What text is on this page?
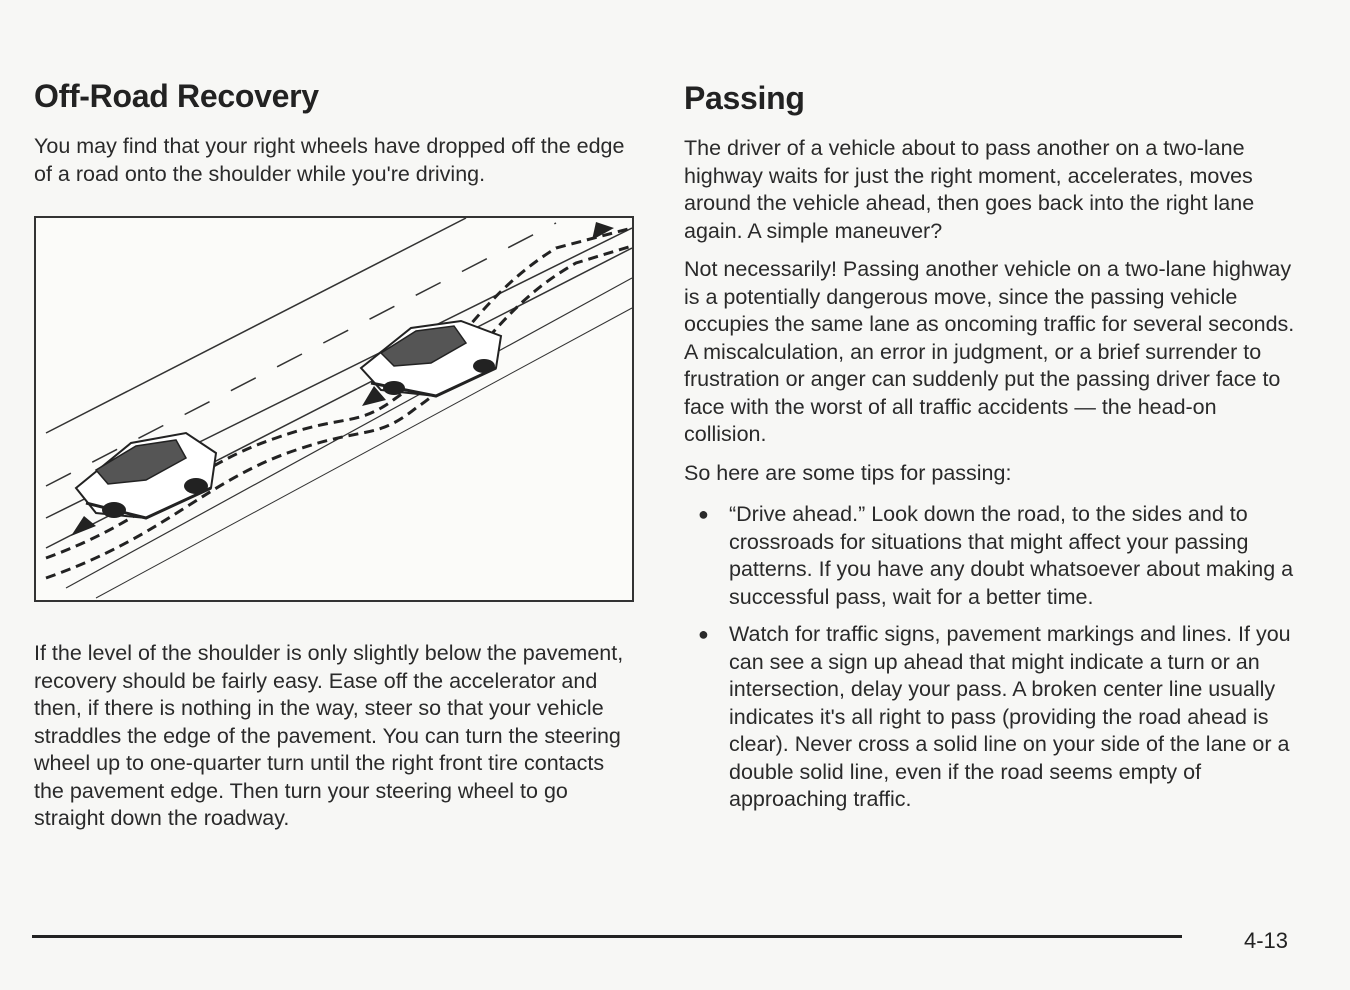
Off-Road Recovery

You may find that your right wheels have dropped off the edge of a road onto the shoulder while you're driving.

If the level of the shoulder is only slightly below the pavement, recovery should be fairly easy. Ease off the accelerator and then, if there is nothing in the way, steer so that your vehicle straddles the edge of the pavement. You can turn the steering wheel up to one-quarter turn until the right front tire contacts the pavement edge. Then turn your steering wheel to go straight down the roadway.

Passing

The driver of a vehicle about to pass another on a two-lane highway waits for just the right moment, accelerates, moves around the vehicle ahead, then goes back into the right lane again. A simple maneuver?

Not necessarily! Passing another vehicle on a two-lane highway is a potentially dangerous move, since the passing vehicle occupies the same lane as oncoming traffic for several seconds. A miscalculation, an error in judgment, or a brief surrender to frustration or anger can suddenly put the passing driver face to face with the worst of all traffic accidents — the head-on collision.

So here are some tips for passing:

● “Drive ahead.” Look down the road, to the sides and to crossroads for situations that might affect your passing patterns. If you have any doubt whatsoever about making a successful pass, wait for a better time.
● Watch for traffic signs, pavement markings and lines. If you can see a sign up ahead that might indicate a turn or an intersection, delay your pass. A broken center line usually indicates it's all right to pass (providing the road ahead is clear). Never cross a solid line on your side of the lane or a double solid line, even if the road seems empty of approaching traffic.
4-13
